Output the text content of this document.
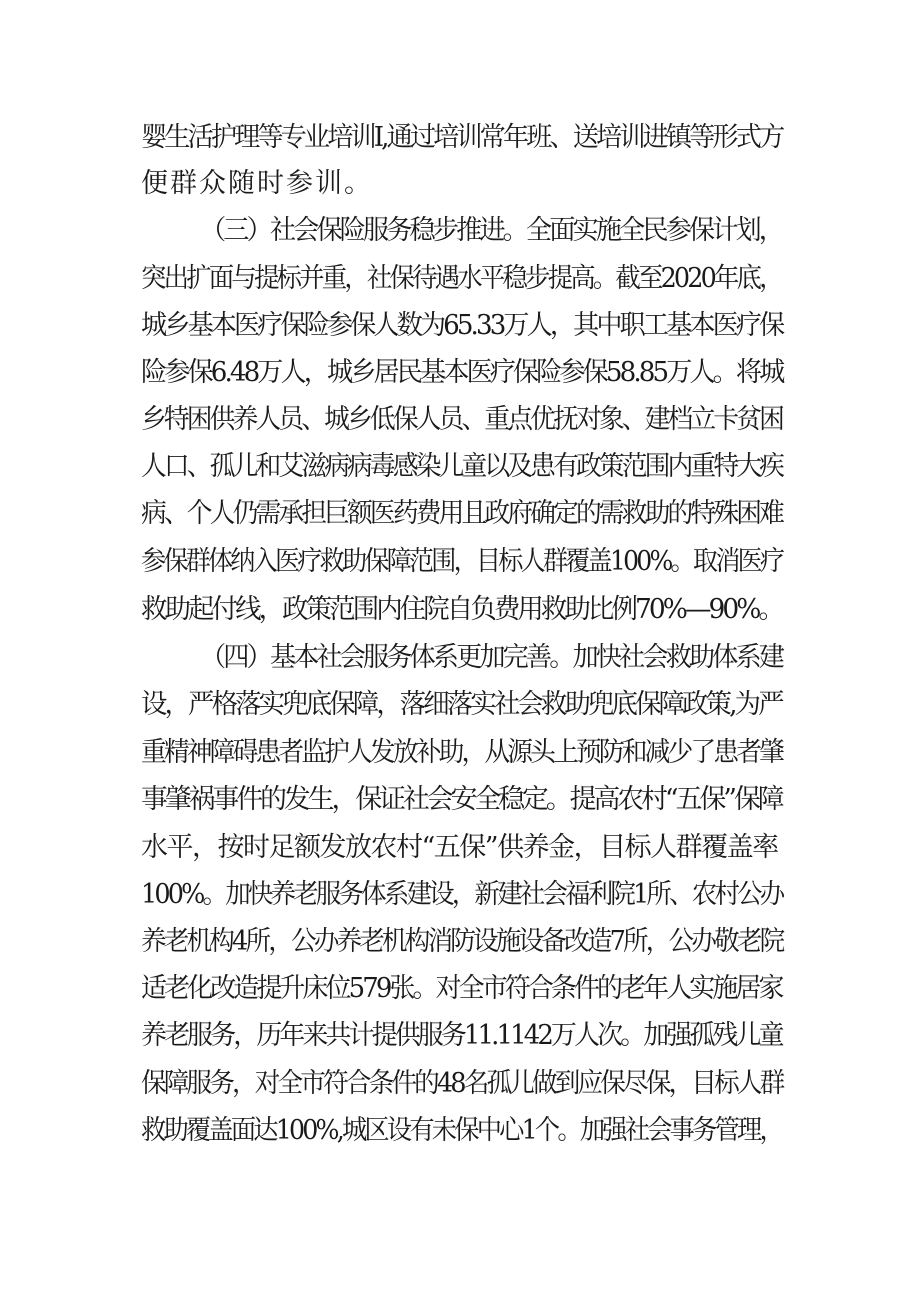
婴生活护理等专业培训I,通过培训常年班、送培训进镇等形式方
便群众随时参训。
（三）社会保险服务稳步推进。全面实施全民参保计划，
突出扩面与提标并重，社保待遇水平稳步提高。截至2020年底，
城乡基本医疗保险参保人数为65.33万人，其中职工基本医疗保
险参保6.48万人，城乡居民基本医疗保险参保58.85万人。将城
乡特困供养人员、城乡低保人员、重点优抚对象、建档立卡贫困
人口、孤儿和艾滋病病毒感染儿童以及患有政策范围内重特大疾
病、个人仍需承担巨额医药费用且政府确定的需救助的特殊困难
参保群体纳入医疗救助保障范围，目标人群覆盖100%。取消医疗
救助起付线，政策范围内住院自负费用救助比例70%—90%。
（四）基本社会服务体系更加完善。加快社会救助体系建
设，严格落实兜底保障，落细落实社会救助兜底保障政策,为严
重精神障碍患者监护人发放补助，从源头上预防和减少了患者肇
事肇祸事件的发生，保证社会安全稳定。提高农村“五保”保障
水平，按时足额发放农村“五保”供养金，目标人群覆盖率
100%。加快养老服务体系建设，新建社会福利院1所、农村公办
养老机构4所，公办养老机构消防设施设备改造7所，公办敬老院
适老化改造提升床位579张。对全市符合条件的老年人实施居家
养老服务，历年来共计提供服务11.1142万人次。加强孤残儿童
保障服务，对全市符合条件的48名孤儿做到应保尽保，目标人群
救助覆盖面达100%,城区设有未保中心1个。加强社会事务管理，
